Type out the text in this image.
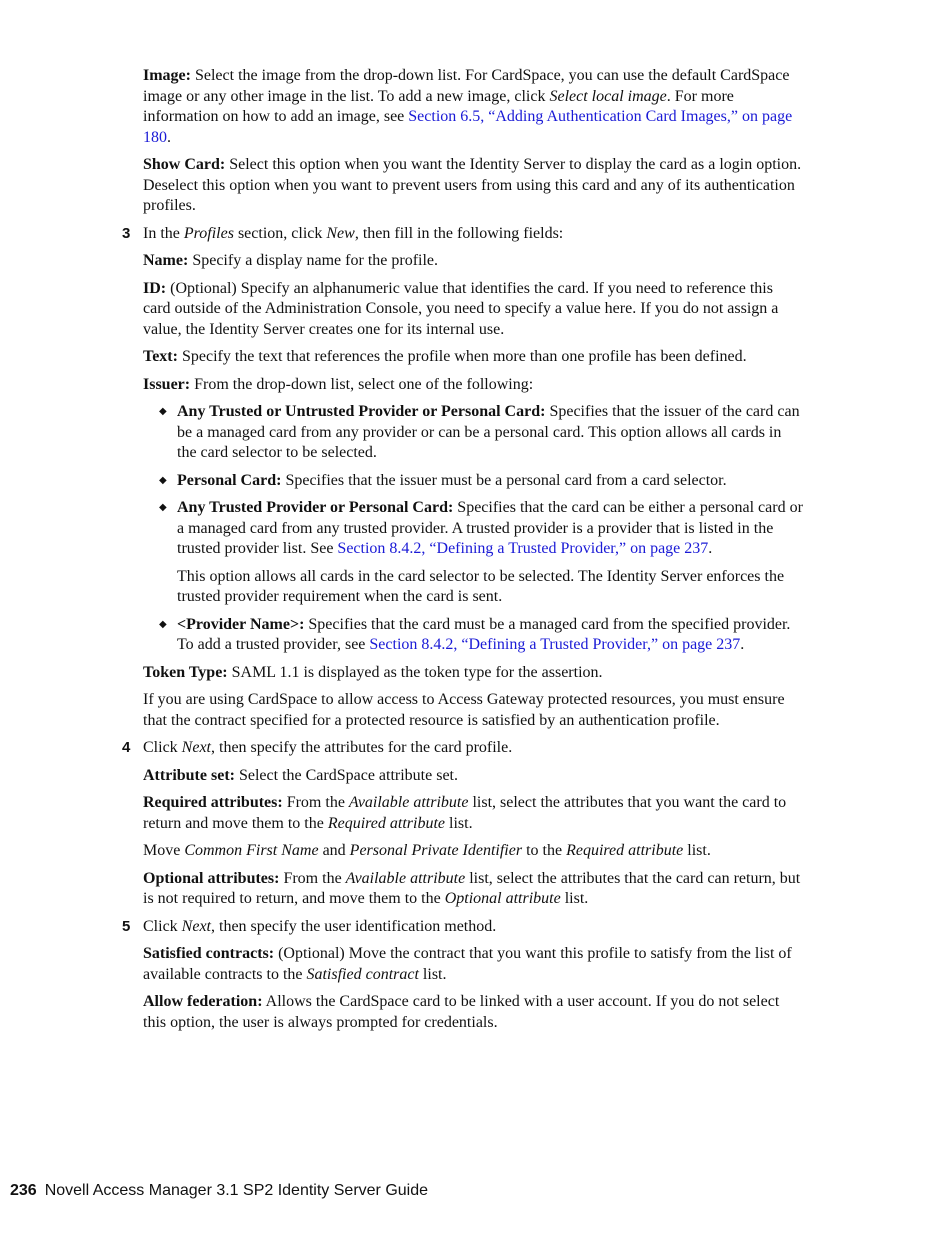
Image: Select the image from the drop-down list. For CardSpace, you can use the default CardSpace image or any other image in the list. To add a new image, click Select local image. For more information on how to add an image, see Section 6.5, “Adding Authentication Card Images,” on page 180.

Show Card: Select this option when you want the Identity Server to display the card as a login option. Deselect this option when you want to prevent users from using this card and any of its authentication profiles.

3 In the Profiles section, click New, then fill in the following fields:

Name: Specify a display name for the profile.

ID: (Optional) Specify an alphanumeric value that identifies the card. If you need to reference this card outside of the Administration Console, you need to specify a value here. If you do not assign a value, the Identity Server creates one for its internal use.

Text: Specify the text that references the profile when more than one profile has been defined.

Issuer: From the drop-down list, select one of the following:

◆ Any Trusted or Untrusted Provider or Personal Card: Specifies that the issuer of the card can be a managed card from any provider or can be a personal card. This option allows all cards in the card selector to be selected.
◆ Personal Card: Specifies that the issuer must be a personal card from a card selector.
◆ Any Trusted Provider or Personal Card: Specifies that the card can be either a personal card or a managed card from any trusted provider. A trusted provider is a provider that is listed in the trusted provider list. See Section 8.4.2, “Defining a Trusted Provider,” on page 237.

This option allows all cards in the card selector to be selected. The Identity Server enforces the trusted provider requirement when the card is sent.

◆ <Provider Name>: Specifies that the card must be a managed card from the specified provider. To add a trusted provider, see Section 8.4.2, “Defining a Trusted Provider,” on page 237.

Token Type: SAML 1.1 is displayed as the token type for the assertion.

If you are using CardSpace to allow access to Access Gateway protected resources, you must ensure that the contract specified for a protected resource is satisfied by an authentication profile.

4 Click Next, then specify the attributes for the card profile.

Attribute set: Select the CardSpace attribute set.

Required attributes: From the Available attribute list, select the attributes that you want the card to return and move them to the Required attribute list.

Move Common First Name and Personal Private Identifier to the Required attribute list.

Optional attributes: From the Available attribute list, select the attributes that the card can return, but is not required to return, and move them to the Optional attribute list.

5 Click Next, then specify the user identification method.

Satisfied contracts: (Optional) Move the contract that you want this profile to satisfy from the list of available contracts to the Satisfied contract list.

Allow federation: Allows the CardSpace card to be linked with a user account. If you do not select this option, the user is always prompted for credentials.

236 Novell Access Manager 3.1 SP2 Identity Server Guide
